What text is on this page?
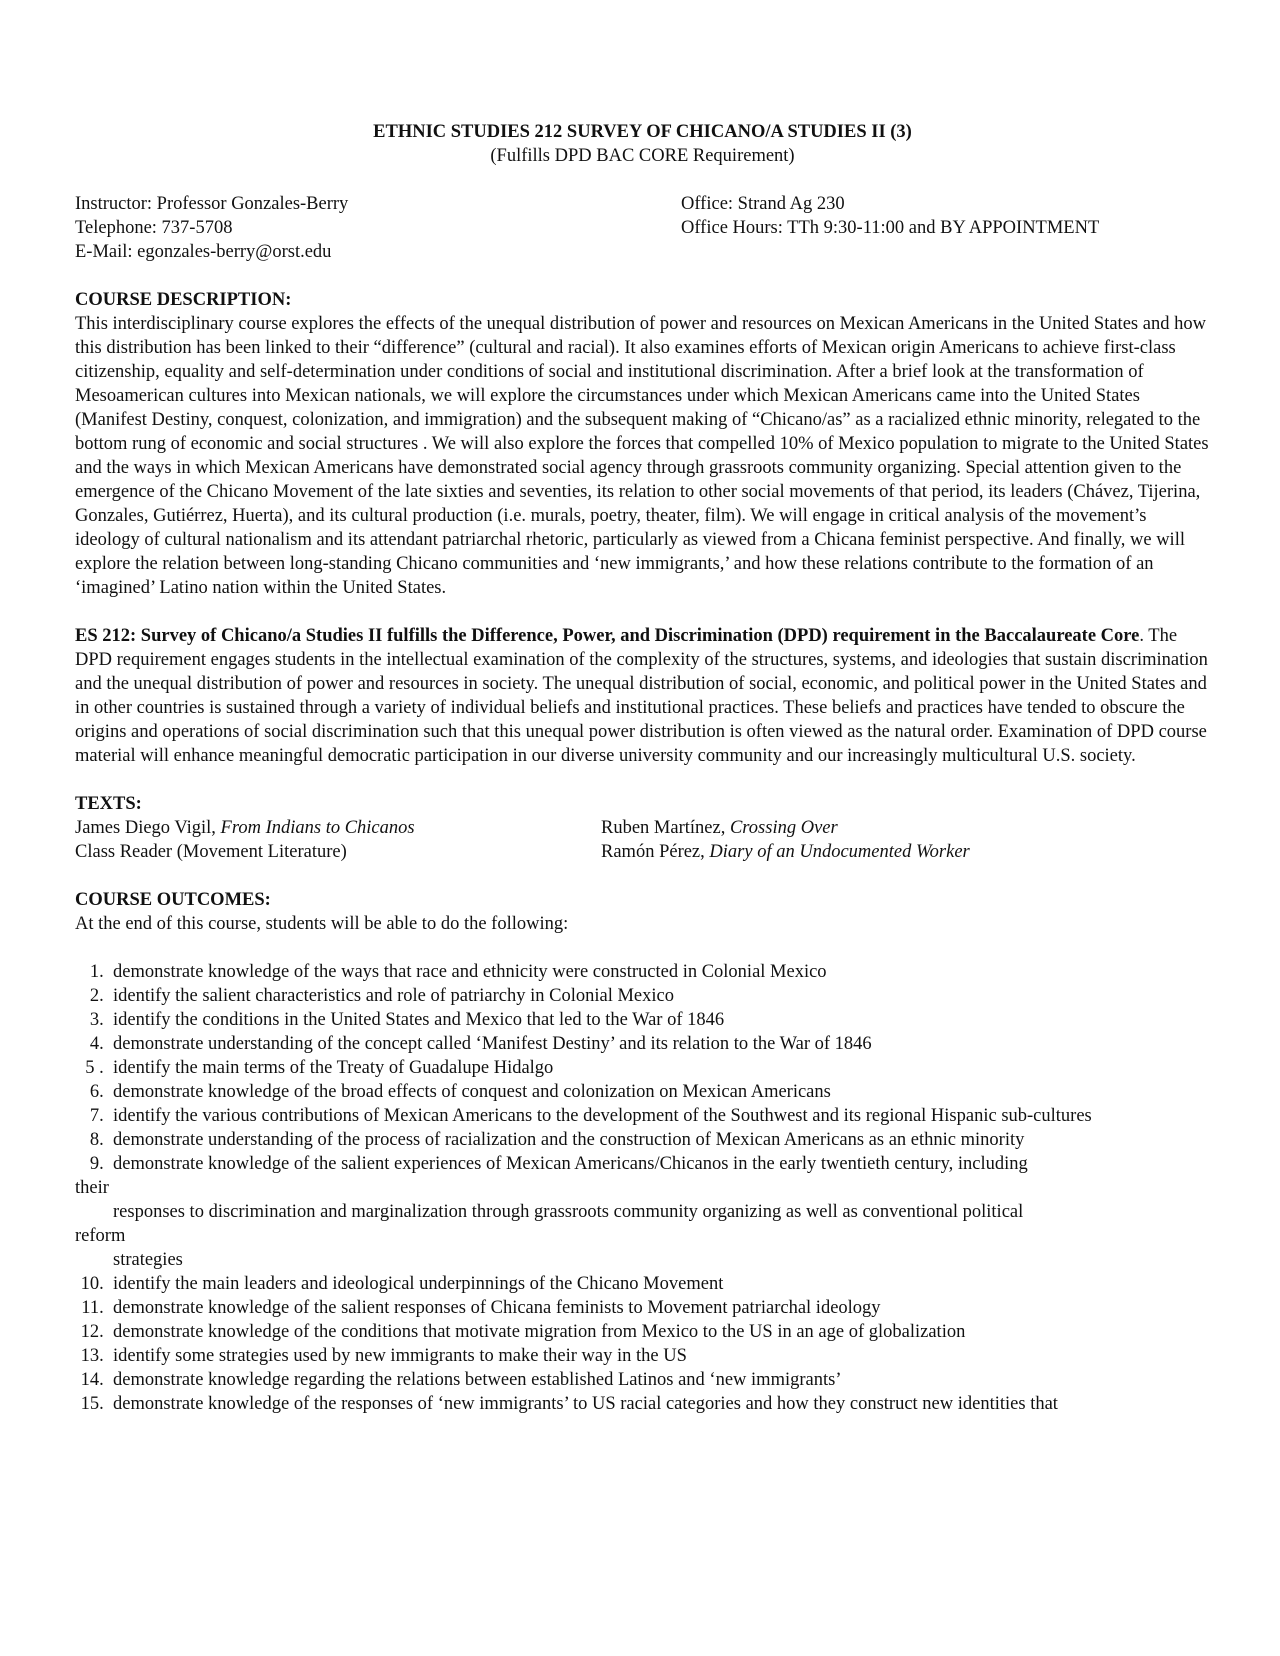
ETHNIC STUDIES 212 SURVEY OF CHICANO/A STUDIES II (3)
(Fulfills DPD BAC CORE Requirement)
Instructor: Professor Gonzales-Berry
Telephone: 737-5708
E-Mail: egonzales-berry@orst.edu
Office: Strand Ag 230
Office Hours: TTh 9:30-11:00 and BY APPOINTMENT
COURSE DESCRIPTION:

This interdisciplinary course explores the effects of the unequal distribution of power and resources on Mexican Americans in the United States and how this distribution has been linked to their “difference” (cultural and racial). It also examines efforts of Mexican origin Americans to achieve first-class citizenship, equality and self-determination under conditions of social and institutional discrimination. After a brief look at the transformation of Mesoamerican cultures into Mexican nationals, we will explore the circumstances under which Mexican Americans came into the United States (Manifest Destiny, conquest, colonization, and immigration) and the subsequent making of “Chicano/as” as a racialized ethnic minority, relegated to the bottom rung of economic and social structures . We will also explore the forces that compelled 10% of Mexico population to migrate to the United States and the ways in which Mexican Americans have demonstrated social agency through grassroots community organizing. Special attention given to the emergence of the Chicano Movement of the late sixties and seventies, its relation to other social movements of that period, its leaders (Chávez, Tijerina, Gonzales, Gutiérrez, Huerta), and its cultural production (i.e. murals, poetry, theater, film). We will engage in critical analysis of the movement’s ideology of cultural nationalism and its attendant patriarchal rhetoric, particularly as viewed from a Chicana feminist perspective. And finally, we will explore the relation between long-standing Chicano communities and ‘new immigrants,’ and how these relations contribute to the formation of an ‘imagined’ Latino nation within the United States.

ES 212: Survey of Chicano/a Studies II fulfills the Difference, Power, and Discrimination (DPD) requirement in the Baccalaureate Core. The DPD requirement engages students in the intellectual examination of the complexity of the structures, systems, and ideologies that sustain discrimination and the unequal distribution of power and resources in society. The unequal distribution of social, economic, and political power in the United States and in other countries is sustained through a variety of individual beliefs and institutional practices. These beliefs and practices have tended to obscure the origins and operations of social discrimination such that this unequal power distribution is often viewed as the natural order. Examination of DPD course material will enhance meaningful democratic participation in our diverse university community and our increasingly multicultural U.S. society.

TEXTS:
James Diego Vigil, From Indians to Chicanos
Class Reader (Movement Literature)
Ruben Martínez, Crossing Over
Ramón Pérez, Diary of an Undocumented Worker
COURSE OUTCOMES:
At the end of this course, students will be able to do the following:
1. demonstrate knowledge of the ways that race and ethnicity were constructed in Colonial Mexico
2. identify the salient characteristics and role of patriarchy in Colonial Mexico
3. identify the conditions in the United States and Mexico that led to the War of 1846
4. demonstrate understanding of the concept called ‘Manifest Destiny’ and its relation to the War of 1846
5 . identify the main terms of the Treaty of Guadalupe Hidalgo
6. demonstrate knowledge of the broad effects of conquest and colonization on Mexican Americans
7. identify the various contributions of Mexican Americans to the development of the Southwest and its regional Hispanic sub-cultures
8. demonstrate understanding of the process of racialization and the construction of Mexican Americans as an ethnic minority
9. demonstrate knowledge of the salient experiences of Mexican Americans/Chicanos in the early twentieth century, including
their
responses to discrimination and marginalization through grassroots community organizing as well as conventional political
reform
strategies
10. identify the main leaders and ideological underpinnings of the Chicano Movement
11. demonstrate knowledge of the salient responses of Chicana feminists to Movement patriarchal ideology
12. demonstrate knowledge of the conditions that motivate migration from Mexico to the US in an age of globalization
13. identify some strategies used by new immigrants to make their way in the US
14. demonstrate knowledge regarding the relations between established Latinos and ‘new immigrants’
15. demonstrate knowledge of the responses of ‘new immigrants’ to US racial categories and how they construct new identities that
